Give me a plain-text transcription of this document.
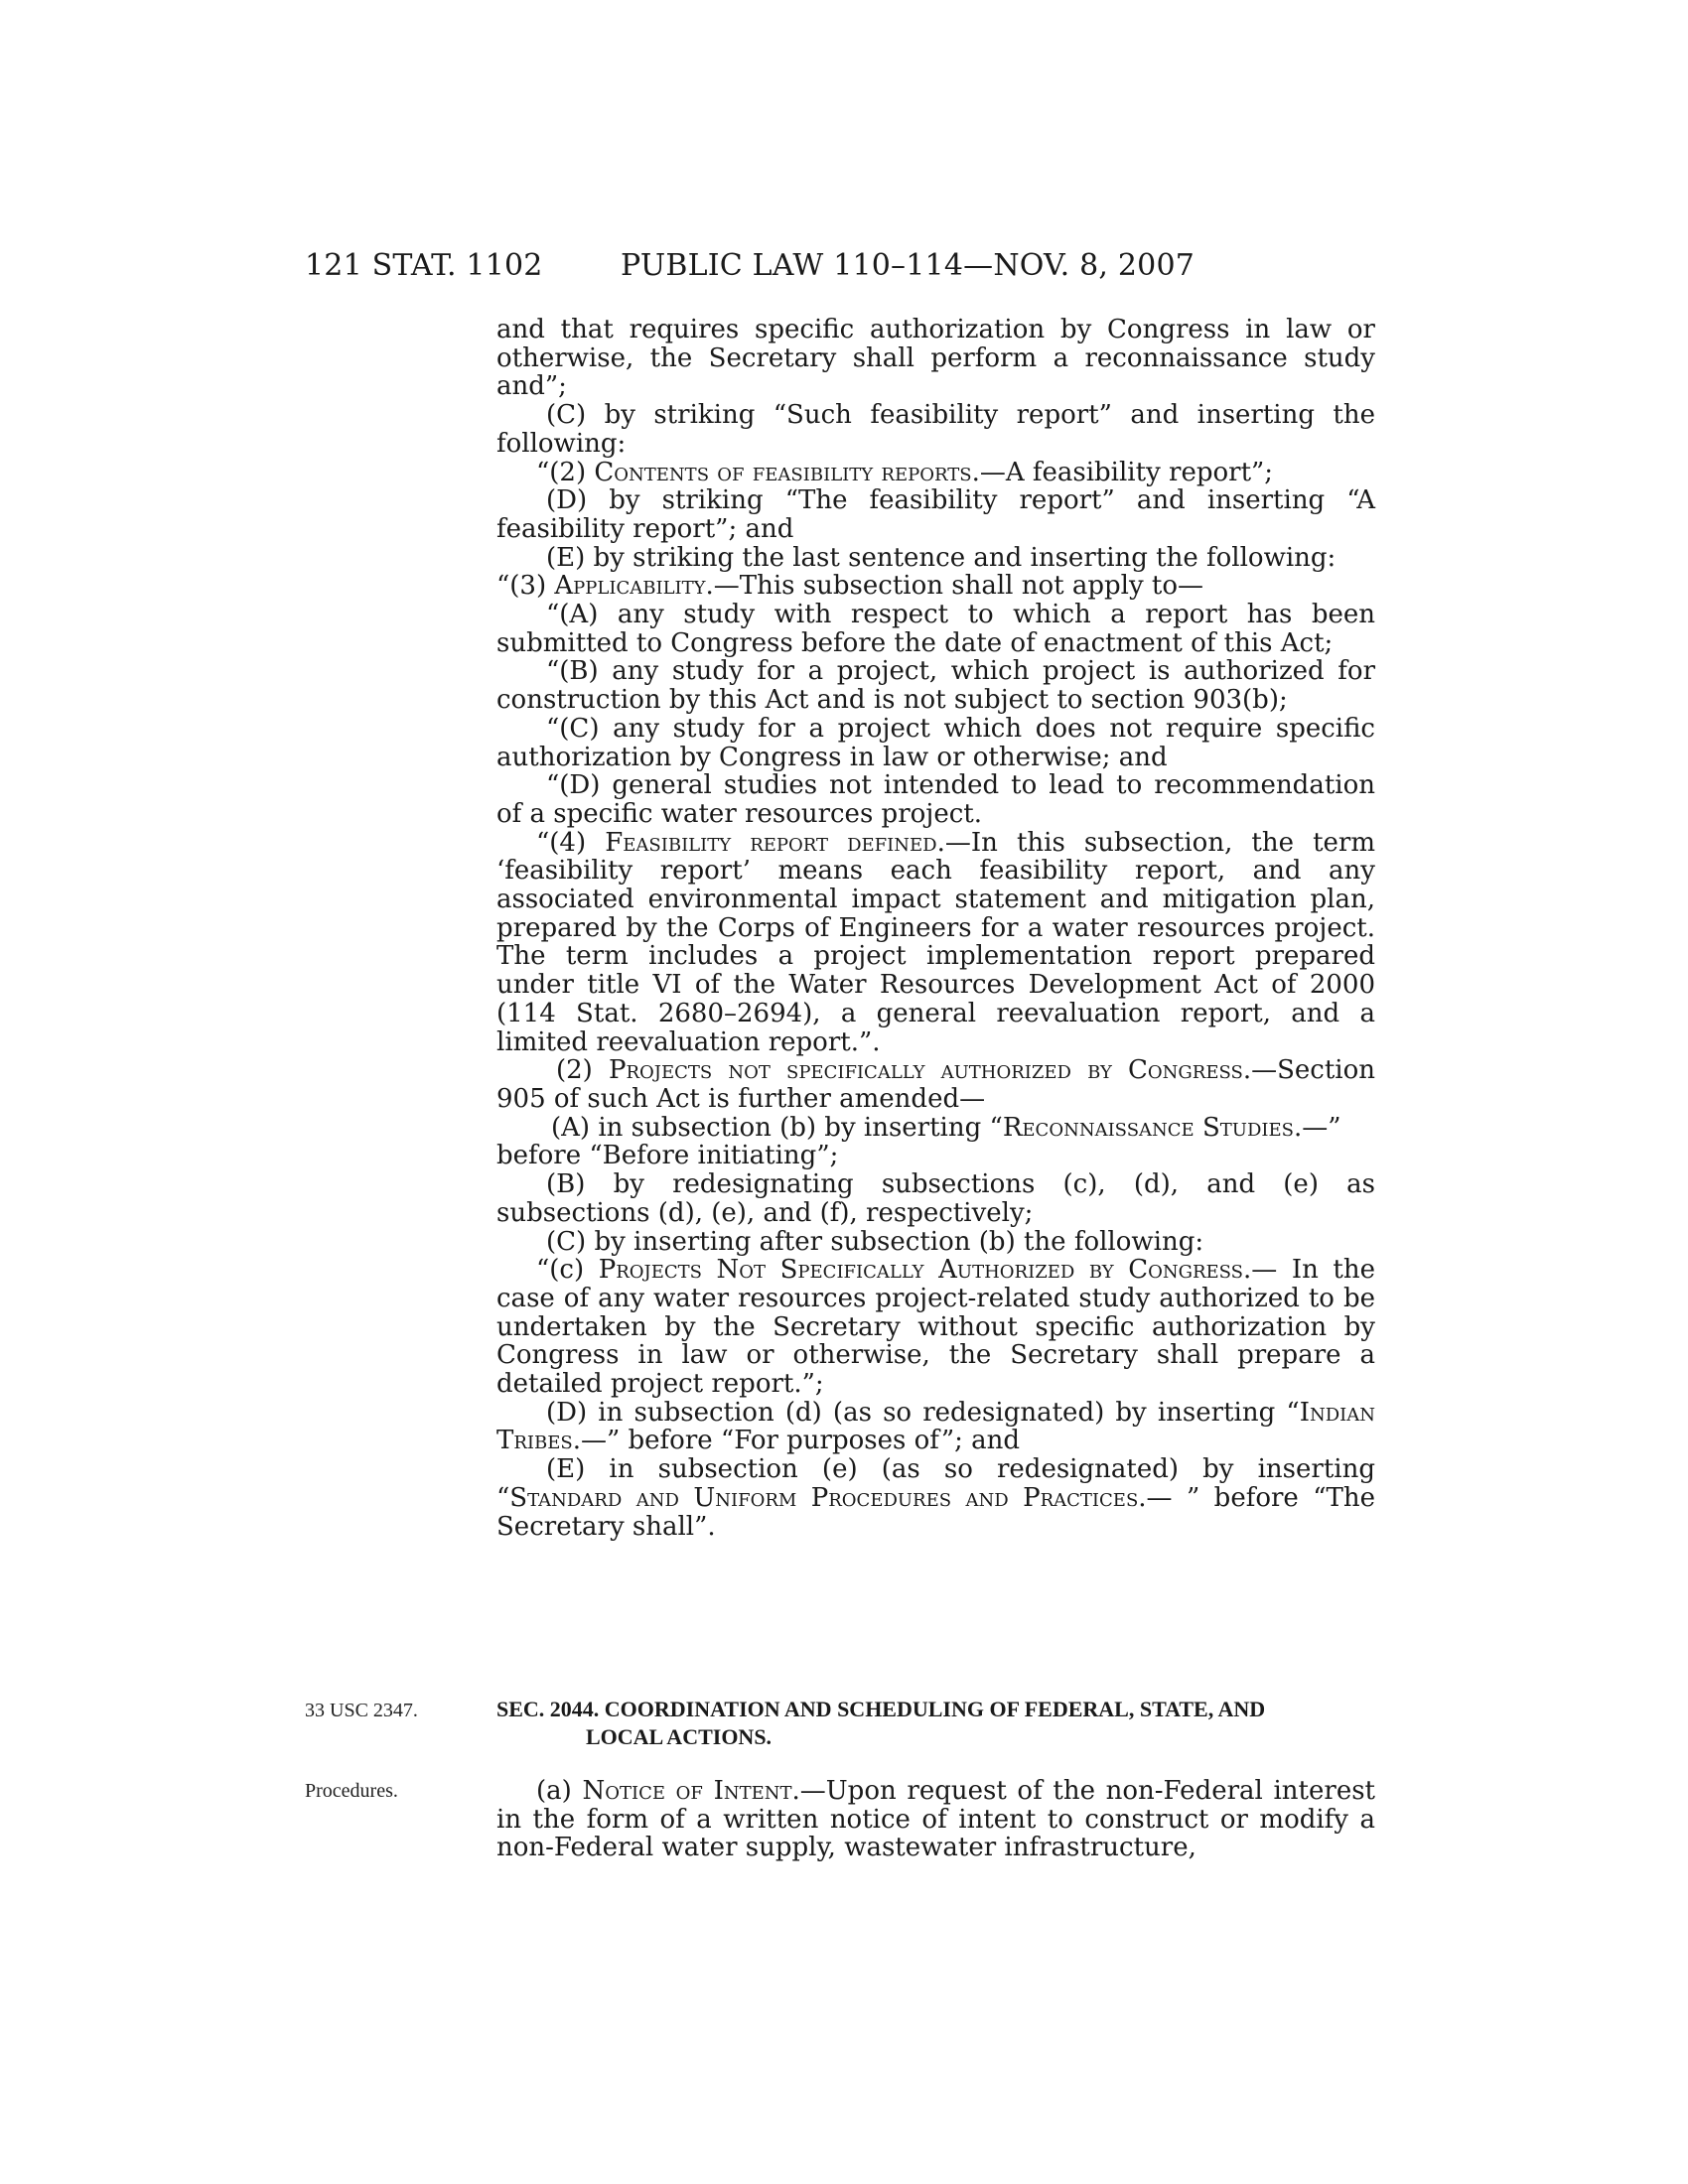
121 STAT. 1102	PUBLIC LAW 110–114—NOV. 8, 2007

and that requires specific authorization by Congress in law or otherwise, the Secretary shall perform a reconnaissance study and”;

(C) by striking “Such feasibility report” and inserting the following:

“(2) Contents of feasibility reports.—A feasibility report”;

(D) by striking “The feasibility report” and inserting “A feasibility report”; and

(E) by striking the last sentence and inserting the following:

“(3) Applicability.—This subsection shall not apply to—

“(A) any study with respect to which a report has been submitted to Congress before the date of enactment of this Act;

“(B) any study for a project, which project is authorized for construction by this Act and is not subject to section 903(b);

“(C) any study for a project which does not require specific authorization by Congress in law or otherwise; and

“(D) general studies not intended to lead to recommendation of a specific water resources project.

“(4) Feasibility report defined.—In this subsection, the term ‘feasibility report’ means each feasibility report, and any associated environmental impact statement and mitigation plan, prepared by the Corps of Engineers for a water resources project. The term includes a project implementation report prepared under title VI of the Water Resources Development Act of 2000 (114 Stat. 2680–2694), a general reevaluation report, and a limited reevaluation report.”.

(2) Projects not specifically authorized by Congress.—Section 905 of such Act is further amended—

(A) in subsection (b) by inserting “Reconnaissance Studies.—” before “Before initiating”;

(B) by redesignating subsections (c), (d), and (e) as subsections (d), (e), and (f), respectively;

(C) by inserting after subsection (b) the following:

“(c) Projects Not Specifically Authorized by Congress.— In the case of any water resources project-related study authorized to be undertaken by the Secretary without specific authorization by Congress in law or otherwise, the Secretary shall prepare a detailed project report.”;

(D) in subsection (d) (as so redesignated) by inserting “Indian Tribes.—” before “For purposes of”; and

(E) in subsection (e) (as so redesignated) by inserting “Standard and Uniform Procedures and Practices.— ” before “The Secretary shall”.

33 USC 2347.	SEC. 2044. COORDINATION AND SCHEDULING OF FEDERAL, STATE, AND
LOCAL ACTIONS.
Procedures.	(a) Notice of Intent.—Upon request of the non-Federal interest in the form of a written notice of intent to construct or modify a non-Federal water supply, wastewater infrastructure,
